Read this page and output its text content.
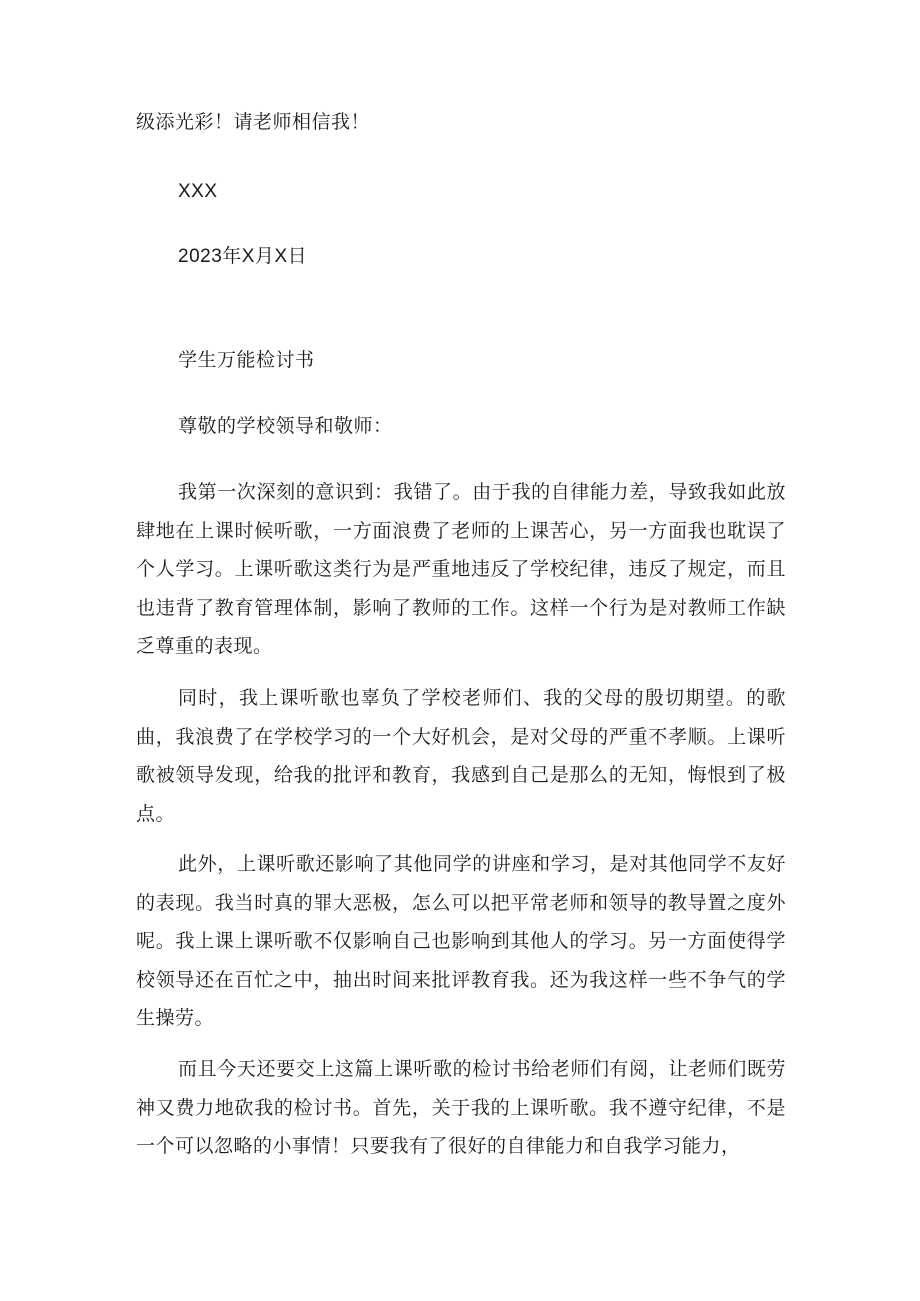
级添光彩！请老师相信我！
XXX
2023年X月X日
学生万能检讨书
尊敬的学校领导和敬师：

我第一次深刻的意识到：我错了。由于我的自律能力差，导致我如此放肆地在上课时候听歌，一方面浪费了老师的上课苦心，另一方面我也耽误了个人学习。上课听歌这类行为是严重地违反了学校纪律，违反了规定，而且也违背了教育管理体制，影响了教师的工作。这样一个行为是对教师工作缺乏尊重的表现。

同时，我上课听歌也辜负了学校老师们、我的父母的殷切期望。的歌曲，我浪费了在学校学习的一个大好机会，是对父母的严重不孝顺。上课听歌被领导发现，给我的批评和教育，我感到自己是那么的无知，悔恨到了极点。

此外，上课听歌还影响了其他同学的讲座和学习，是对其他同学不友好的表现。我当时真的罪大恶极，怎么可以把平常老师和领导的教导置之度外呢。我上课上课听歌不仅影响自己也影响到其他人的学习。另一方面使得学校领导还在百忙之中，抽出时间来批评教育我。还为我这样一些不争气的学生操劳。

而且今天还要交上这篇上课听歌的检讨书给老师们有阅，让老师们既劳神又费力地砍我的检讨书。首先，关于我的上课听歌。我不遵守纪律，不是一个可以忽略的小事情！只要我有了很好的自律能力和自我学习能力，
